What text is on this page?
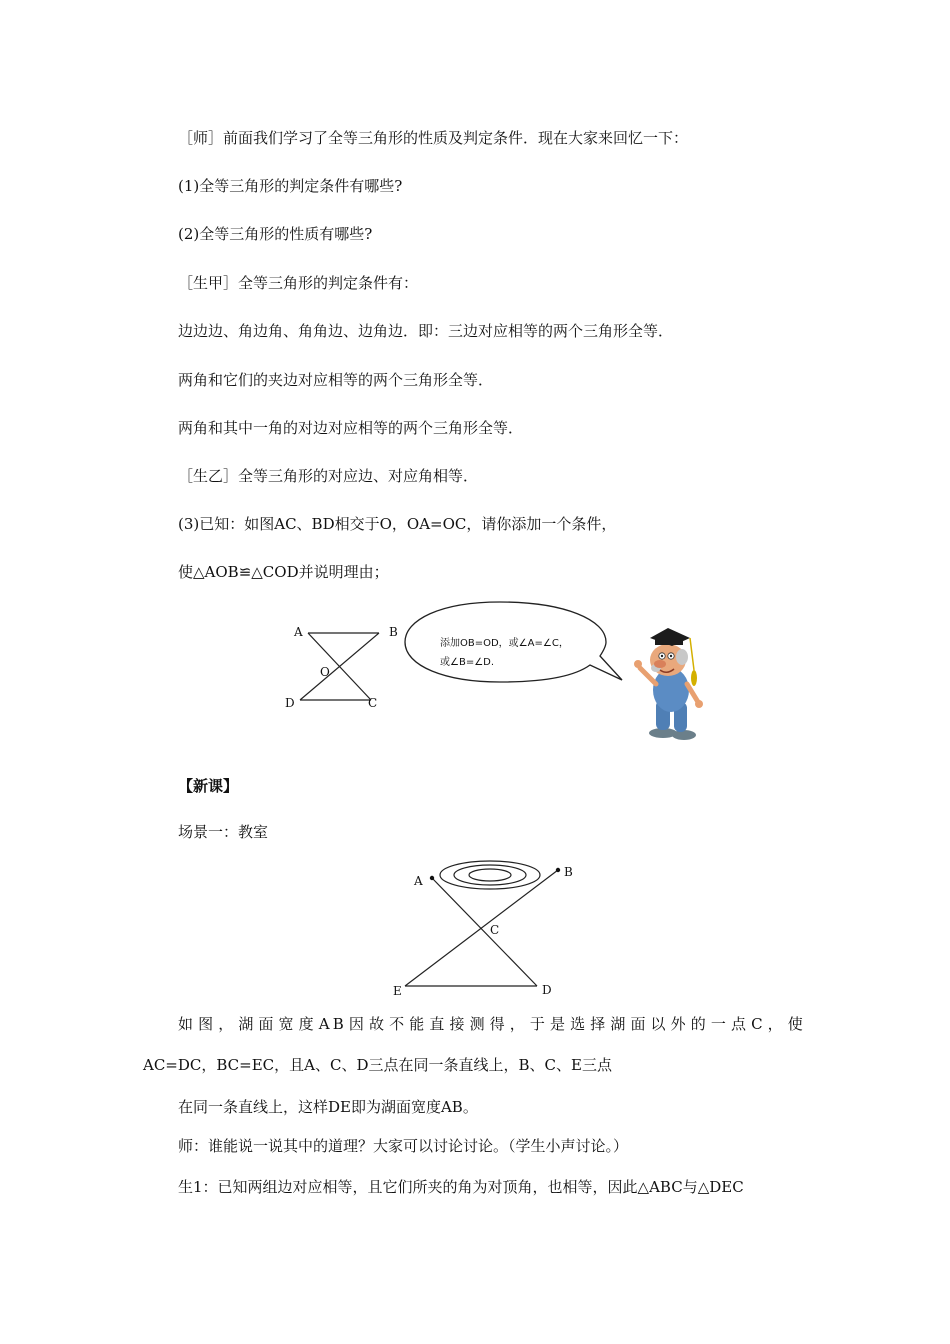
［师］前面我们学习了全等三角形的性质及判定条件．现在大家来回忆一下：
(1)全等三角形的判定条件有哪些?
(2)全等三角形的性质有哪些?
［生甲］全等三角形的判定条件有：
边边边、角边角、角角边、边角边．即：三边对应相等的两个三角形全等．
两角和它们的夹边对应相等的两个三角形全等．
两角和其中一角的对边对应相等的两个三角形全等．
［生乙］全等三角形的对应边、对应角相等．
(3)已知：如图AC、BD相交于O，OA=OC，请你添加一个条件，
使△AOB≌△COD并说明理由；
A	B
O
D	C
添加OB=OD，或∠A=∠C，
或∠B=∠D.
【新课】
场景一：教室
A
B
C
D
E
如图，湖面宽度AB因故不能直接测得，于是选择湖面以外的一点C，使
AC=DC，BC=EC，且A、C、D三点在同一条直线上，B、C、E三点
在同一条直线上，这样DE即为湖面宽度AB。
师：谁能说一说其中的道理？大家可以讨论讨论。（学生小声讨论。）
生1：已知两组边对应相等，且它们所夹的角为对顶角，也相等，因此△ABC与△DEC
